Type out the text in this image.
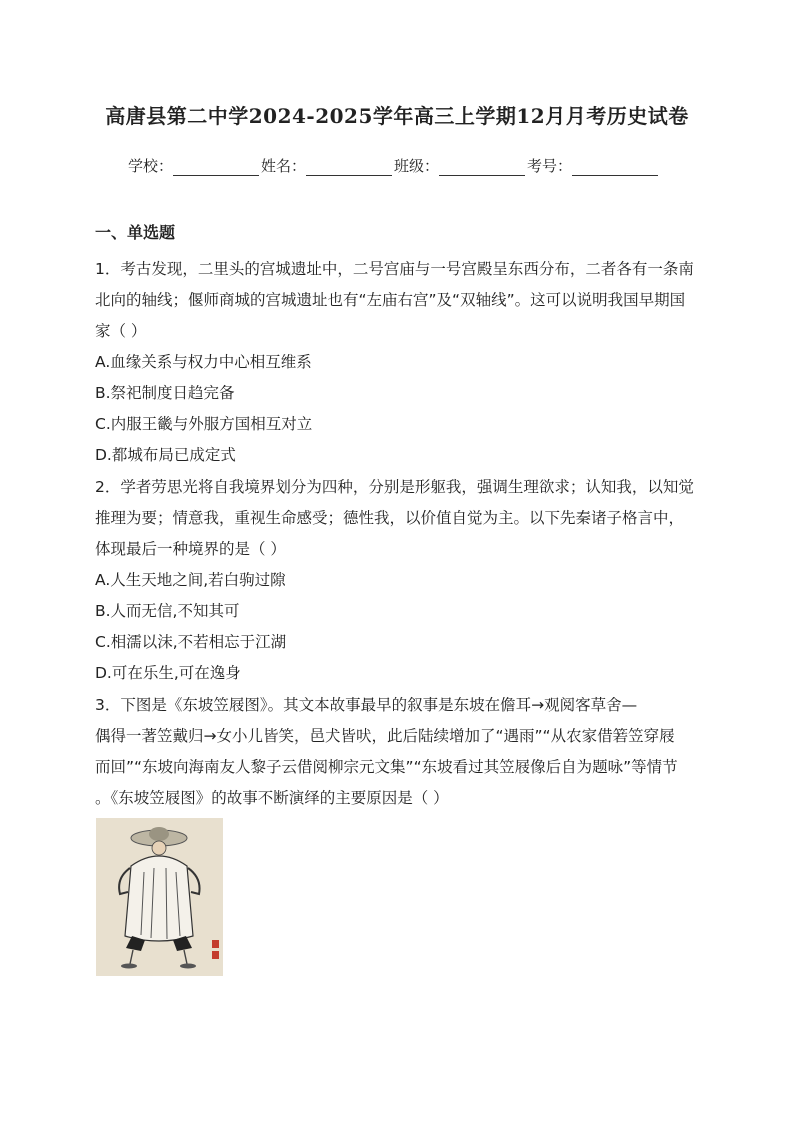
高唐县第二中学2024-2025学年高三上学期12月月考历史试卷
学校：	姓名：	班级：	考号：
一、单选题

1．考古发现，二里头的宫城遗址中，二号宫庙与一号宫殿呈东西分布，二者各有一条南北向的轴线；偃师商城的宫城遗址也有“左庙右宫”及“双轴线”。这可以说明我国早期国家（ ）

A.血缘关系与权力中心相互维系

B.祭祀制度日趋完备

C.内服王畿与外服方国相互对立

D.都城布局已成定式

2．学者劳思光将自我境界划分为四种，分别是形躯我，强调生理欲求；认知我，以知觉推理为要；情意我，重视生命感受；德性我，以价值自觉为主。以下先秦诸子格言中，体现最后一种境界的是（ ）

A.人生天地之间,若白驹过隙

B.人而无信,不知其可

C.相濡以沫,不若相忘于江湖

D.可在乐生,可在逸身

3．下图是《东坡笠屐图》。其文本故事最早的叙事是东坡在儋耳→观阅客草舍—

偶得一著笠戴归→女小儿皆笑，邑犬皆吠，此后陆续增加了“遇雨”“从农家借箬笠穿屐

而回”“东坡向海南友人黎子云借阅柳宗元文集”“东坡看过其笠屐像后自为题咏”等情节

。《东坡笠屐图》的故事不断演绎的主要原因是（ ）
